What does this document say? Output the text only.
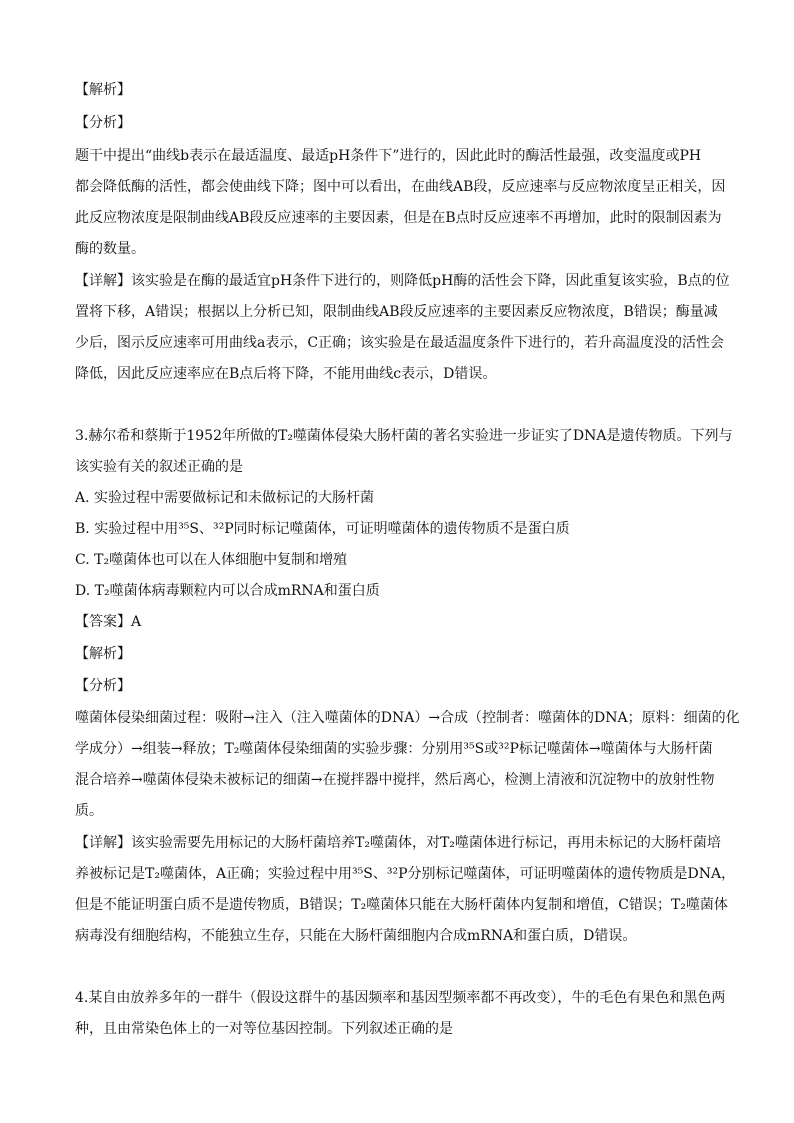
【解析】
【分析】
题干中提出“曲线b表示在最适温度、最适pH条件下”进行的，因此此时的酶活性最强，改变温度或PH
都会降低酶的活性，都会使曲线下降；图中可以看出，在曲线AB段，反应速率与反应物浓度呈正相关，因
此反应物浓度是限制曲线AB段反应速率的主要因素，但是在B点时反应速率不再增加，此时的限制因素为
酶的数量。
【详解】该实验是在酶的最适宜pH条件下进行的，则降低pH酶的活性会下降，因此重复该实验，B点的位
置将下移，A错误；根据以上分析已知，限制曲线AB段反应速率的主要因素反应物浓度，B错误；酶量减
少后，图示反应速率可用曲线a表示，C正确；该实验是在最适温度条件下进行的，若升高温度没的活性会
降低，因此反应速率应在B点后将下降，不能用曲线c表示，D错误。
3.赫尔希和蔡斯于1952年所做的T₂噬菌体侵染大肠杆菌的著名实验进一步证实了DNA是遗传物质。下列与
该实验有关的叙述正确的是
A. 实验过程中需要做标记和未做标记的大肠杆菌
B. 实验过程中用³⁵S、³²P同时标记噬菌体，可证明噬菌体的遗传物质不是蛋白质
C. T₂噬菌体也可以在人体细胞中复制和增殖
D. T₂噬菌体病毒颗粒内可以合成mRNA和蛋白质
【答案】A
【解析】
【分析】
噬菌体侵染细菌过程：吸附→注入（注入噬菌体的DNA）→合成（控制者：噬菌体的DNA；原料：细菌的化
学成分）→组装→释放；T₂噬菌体侵染细菌的实验步骤：分别用³⁵S或³²P标记噬菌体→噬菌体与大肠杆菌
混合培养→噬菌体侵染未被标记的细菌→在搅拌器中搅拌，然后离心，检测上清液和沉淀物中的放射性物
质。
【详解】该实验需要先用标记的大肠杆菌培养T₂噬菌体，对T₂噬菌体进行标记，再用未标记的大肠杆菌培
养被标记是T₂噬菌体，A正确；实验过程中用³⁵S、³²P分别标记噬菌体，可证明噬菌体的遗传物质是DNA，
但是不能证明蛋白质不是遗传物质，B错误；T₂噬菌体只能在大肠杆菌体内复制和增值，C错误；T₂噬菌体
病毒没有细胞结构，不能独立生存，只能在大肠杆菌细胞内合成mRNA和蛋白质，D错误。
4.某自由放养多年的一群牛（假设这群牛的基因频率和基因型频率都不再改变），牛的毛色有果色和黑色两
种，且由常染色体上的一对等位基因控制。下列叙述正确的是
